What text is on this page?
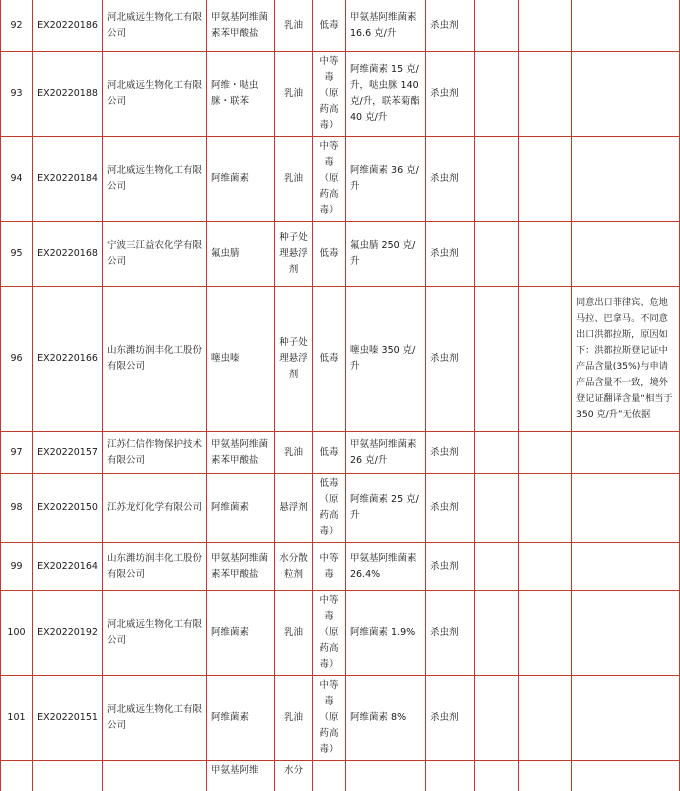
92	EX20220186	河北威远生物化工有限公司	甲氨基阿维菌素苯甲酸盐	乳油	低毒	甲氨基阿维菌素 16.6 克/升	杀虫剂			
93	EX20220188	河北威远生物化工有限公司	阿维・哒虫脒・联苯	乳油	中等毒（原药高毒）	阿维菌素 15 克/升，哒虫脒 140 克/升，联苯菊酯 40 克/升	杀虫剂			
94	EX20220184	河北威远生物化工有限公司	阿维菌素	乳油	中等毒（原药高毒）	阿维菌素 36 克/升	杀虫剂			
95	EX20220168	宁波三江益农化学有限公司	氟虫腈	种子处理悬浮剂	低毒	氟虫腈 250 克/升	杀虫剂			
96	EX20220166	山东潍坊润丰化工股份有限公司	噻虫嗪	种子处理悬浮剂	低毒	噻虫嗪 350 克/升	杀虫剂			同意出口菲律宾、危地马拉、巴拿马。不同意出口洪都拉斯，原因如下：洪都拉斯登记证中产品含量(35%)与申请产品含量不一致，境外登记证翻译含量“相当于350 克/升”无依据
97	EX20220157	江苏仁信作物保护技术有限公司	甲氨基阿维菌素苯甲酸盐	乳油	低毒	甲氨基阿维菌素 26 克/升	杀虫剂			
98	EX20220150	江苏龙灯化学有限公司	阿维菌素	悬浮剂	低毒（原药高毒）	阿维菌素 25 克/升	杀虫剂			
99	EX20220164	山东潍坊润丰化工股份有限公司	甲氨基阿维菌素苯甲酸盐	水分散粒剂	中等毒	甲氨基阿维菌素 26.4%	杀虫剂			
100	EX20220192	河北威远生物化工有限公司	阿维菌素	乳油	中等毒（原药高毒）	阿维菌素 1.9%	杀虫剂			
101	EX20220151	河北威远生物化工有限公司	阿维菌素	乳油	中等毒（原药高毒）	阿维菌素 8%	杀虫剂			
			甲氨基阿维	水分						
